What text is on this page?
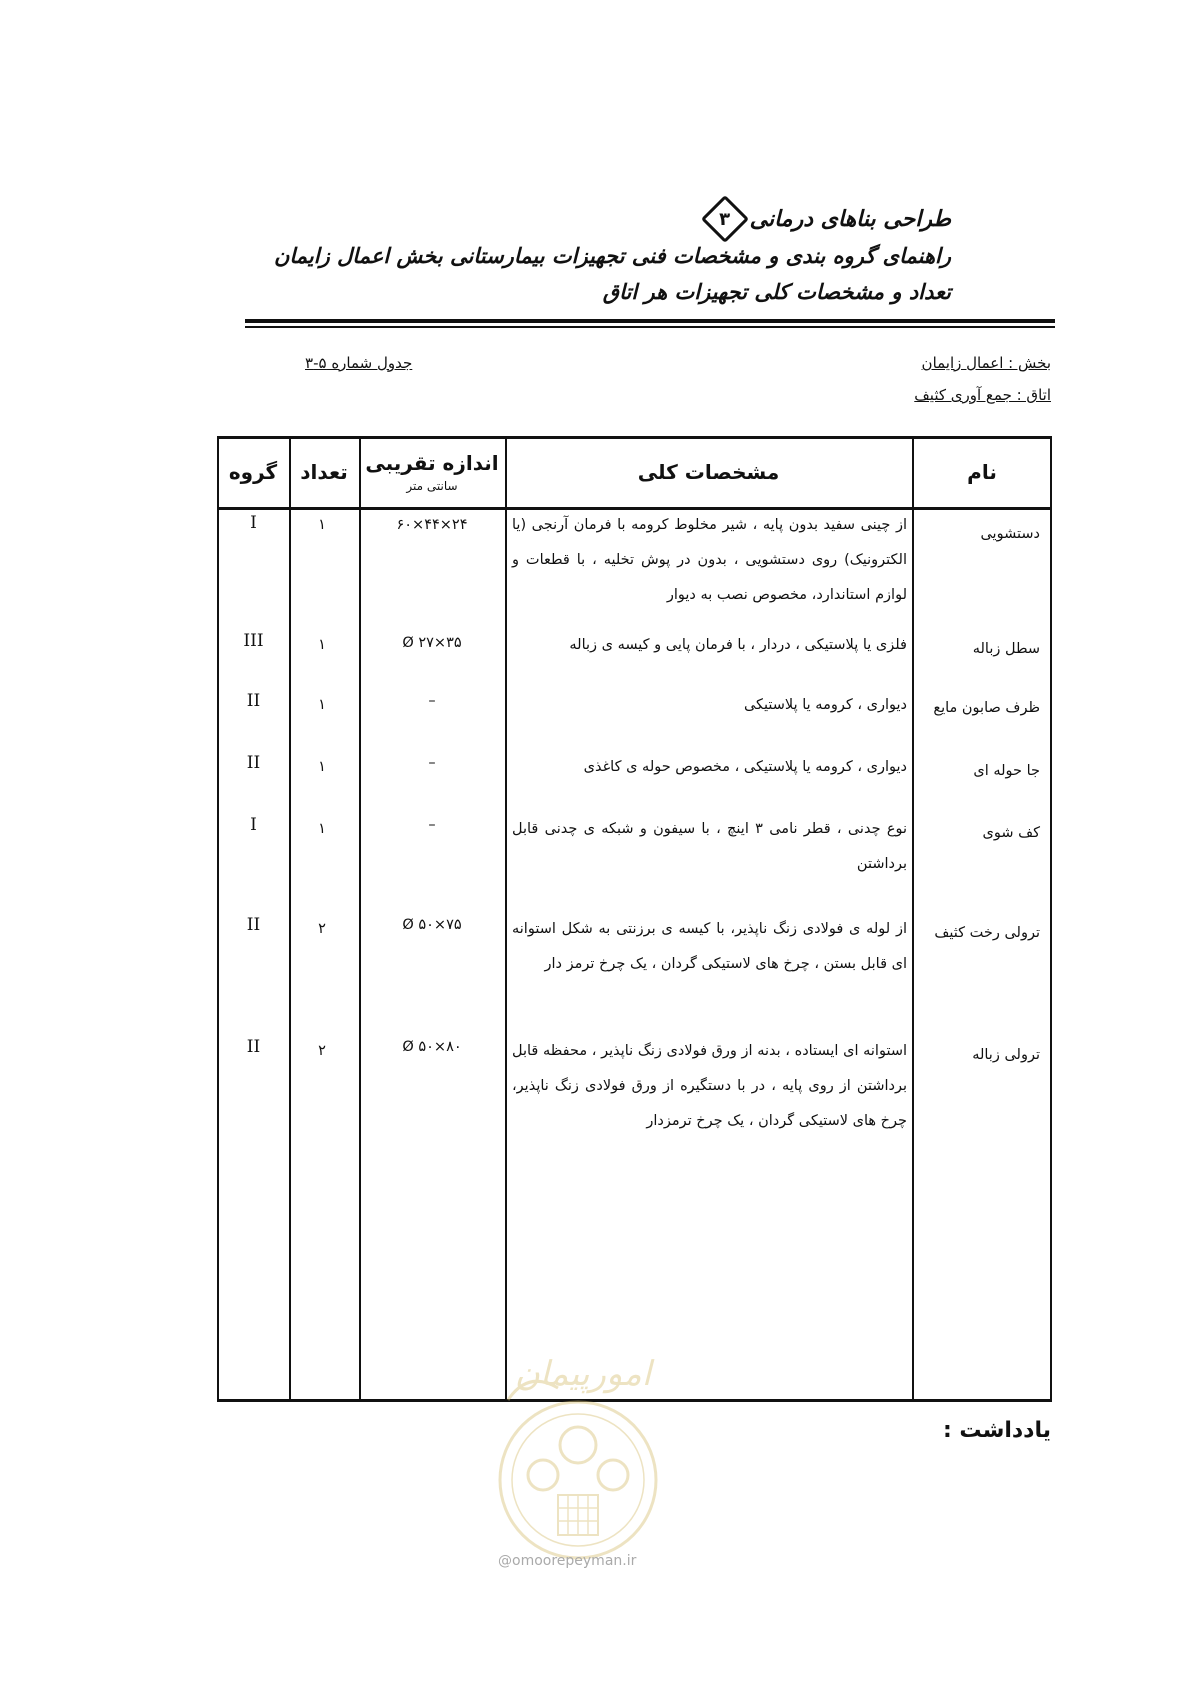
طراحی بناهای درمانی
۳
راهنمای گروه بندی و مشخصات فنی تجهیزات بیمارستانی بخش اعمال زایمان
تعداد و مشخصات کلی تجهیزات هر اتاق
بخش : اعمال زایمان
اتاق : جمع آوری کثیف
جدول شماره ۵-۳
نام
مشخصات کلی
اندازه تقریبی
سانتی متر
تعداد
گروه
دستشویی
از چینی سفید بدون پایه ، شیر مخلوط کرومه با فرمان آرنجی (یا الکترونیک) روی دستشویی ، بدون در پوش تخلیه ، با قطعات و لوازم استاندارد، مخصوص نصب به دیوار
۶۰×۴۴×۲۴
۱
I
سطل زباله
فلزی یا پلاستیکی ، دردار ، با فرمان پایی و کیسه ی زباله
Ø ۲۷×۳۵
۱
III
ظرف صابون مایع
دیواری ، کرومه یا پلاستیکی
–
۱
II
جا حوله ای
دیواری ، کرومه یا پلاستیکی ، مخصوص حوله ی کاغذی
–
۱
II
کف شوی
نوع چدنی ، قطر نامی ۳ اینچ ، با سیفون و شبکه ی چدنی قابل برداشتن
–
۱
I
ترولی رخت کثیف
از لوله ی فولادی زنگ ناپذیر، با کیسه ی برزنتی به شکل استوانه ای قابل بستن ، چرخ های لاستیکی گردان ، یک چرخ ترمز دار
Ø ۵۰×۷۵
۲
II
ترولی زباله
استوانه ای ایستاده ، بدنه از ورق فولادی زنگ ناپذیر ، محفظه قابل برداشتن از روی پایه ، در با دستگیره از ورق فولادی زنگ ناپذیر، چرخ های لاستیکی گردان ، یک چرخ ترمزدار
Ø ۵۰×۸۰
۲
II
یادداشت :
امورپیمان
@omoorepeyman.ir
